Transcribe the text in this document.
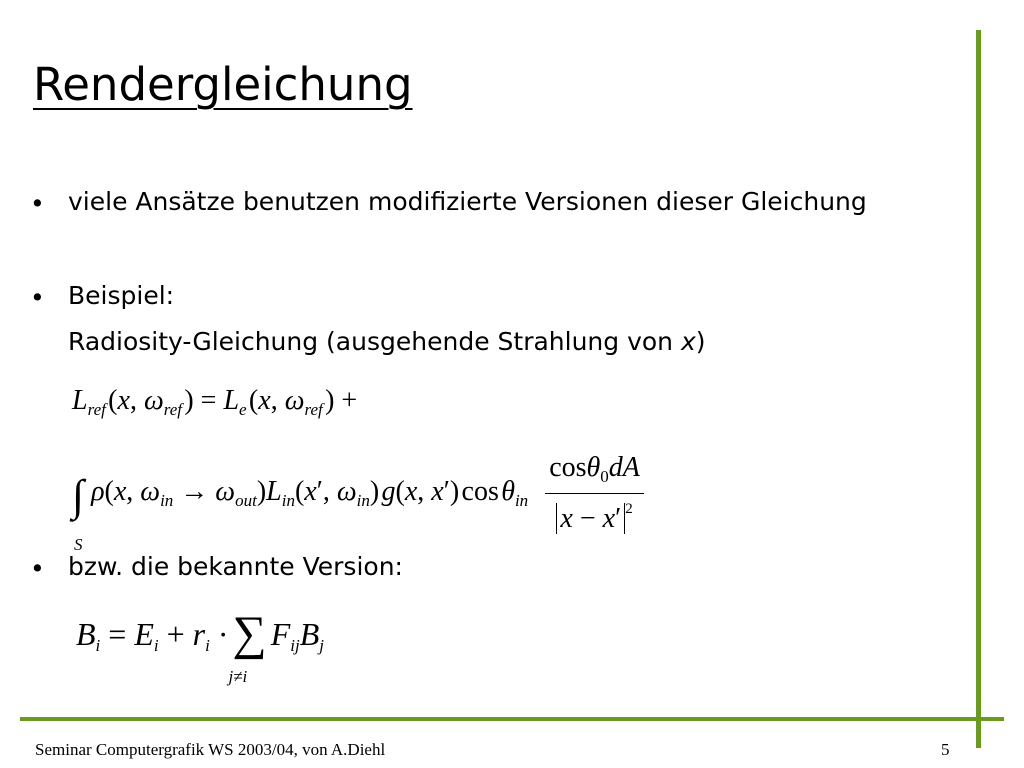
Rendergleichung
• viele Ansätze benutzen modifizierte Versionen dieser Gleichung

• Beispiel:

Radiosity-Gleichung (ausgehende Strahlung von x)

$L_{ref}$ (x, $\omega_{ref}$ ) = $L_e$ (x, $\omega_{ref}$ ) +
∫
S
ρ(x, $\omega_{in} \to \omega_{out})L_{in}(x'$, $\omega_{in}$) g(x, x′) cos $\theta_{in} \frac{\cos\theta_0dA}{x - x' ^2}$
• bzw. die bekannte Version:

$B_i = E_i + r_i$ ·∑
j≠i
$F_{ij}B_j$
Seminar Computergrafik WS 2003/04, von A.Diehl	5
